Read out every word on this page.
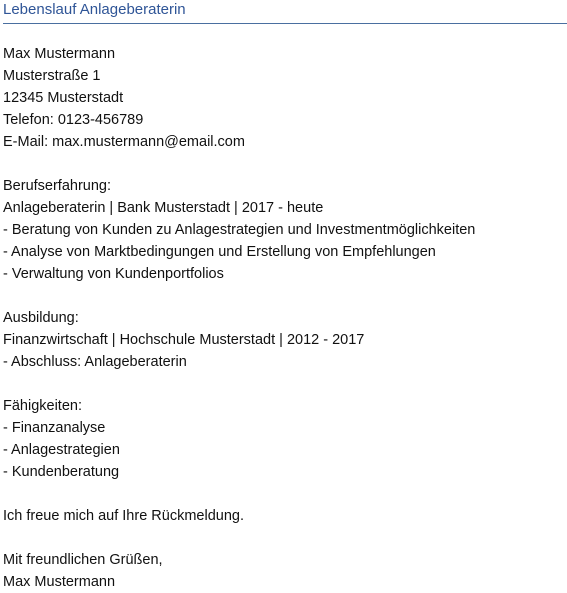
Lebenslauf Anlageberaterin
Max Mustermann
Musterstraße 1
12345 Musterstadt
Telefon: 0123-456789
E-Mail: max.mustermann@email.com
Berufserfahrung:
Anlageberaterin | Bank Musterstadt | 2017 - heute
- Beratung von Kunden zu Anlagestrategien und Investmentmöglichkeiten
- Analyse von Marktbedingungen und Erstellung von Empfehlungen
- Verwaltung von Kundenportfolios
Ausbildung:
Finanzwirtschaft | Hochschule Musterstadt | 2012 - 2017
- Abschluss: Anlageberaterin
Fähigkeiten:
- Finanzanalyse
- Anlagestrategien
- Kundenberatung
Ich freue mich auf Ihre Rückmeldung.
Mit freundlichen Grüßen,
Max Mustermann
